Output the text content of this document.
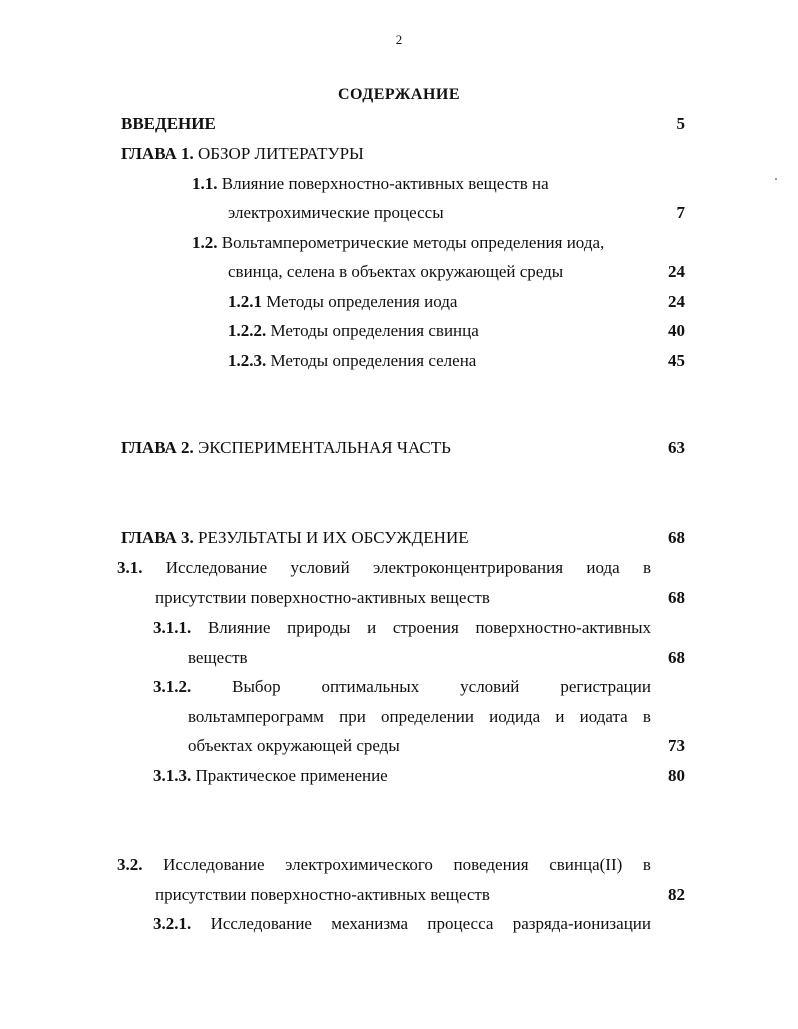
2
СОДЕРЖАНИЕ
ВВЕДЕНИЕ	5
ГЛАВА 1. ОБЗОР ЛИТЕРАТУРЫ
1.1. Влияние поверхностно-активных веществ на
электрохимические процессы	7
1.2. Вольтамперометрические методы определения иода,
свинца, селена в объектах окружающей среды	24
1.2.1 Методы определения иода	24
1.2.2. Методы определения свинца	40
1.2.3. Методы определения селена	45
ГЛАВА 2. ЭКСПЕРИМЕНТАЛЬНАЯ ЧАСТЬ	63
ГЛАВА 3. РЕЗУЛЬТАТЫ И ИХ ОБСУЖДЕНИЕ	68
3.1. Исследование условий электроконцентрирования иода в
присутствии поверхностно-активных веществ	68
3.1.1. Влияние природы и строения поверхностно-активных
веществ	68
3.1.2. Выбор оптимальных условий регистрации
вольтамперограмм при определении иодида и иодата в
объектах окружающей среды	73
3.1.3. Практическое применение	80
3.2. Исследование электрохимического поведения свинца(II) в
присутствии поверхностно-активных веществ	82
3.2.1. Исследование механизма процесса разряда-ионизации
